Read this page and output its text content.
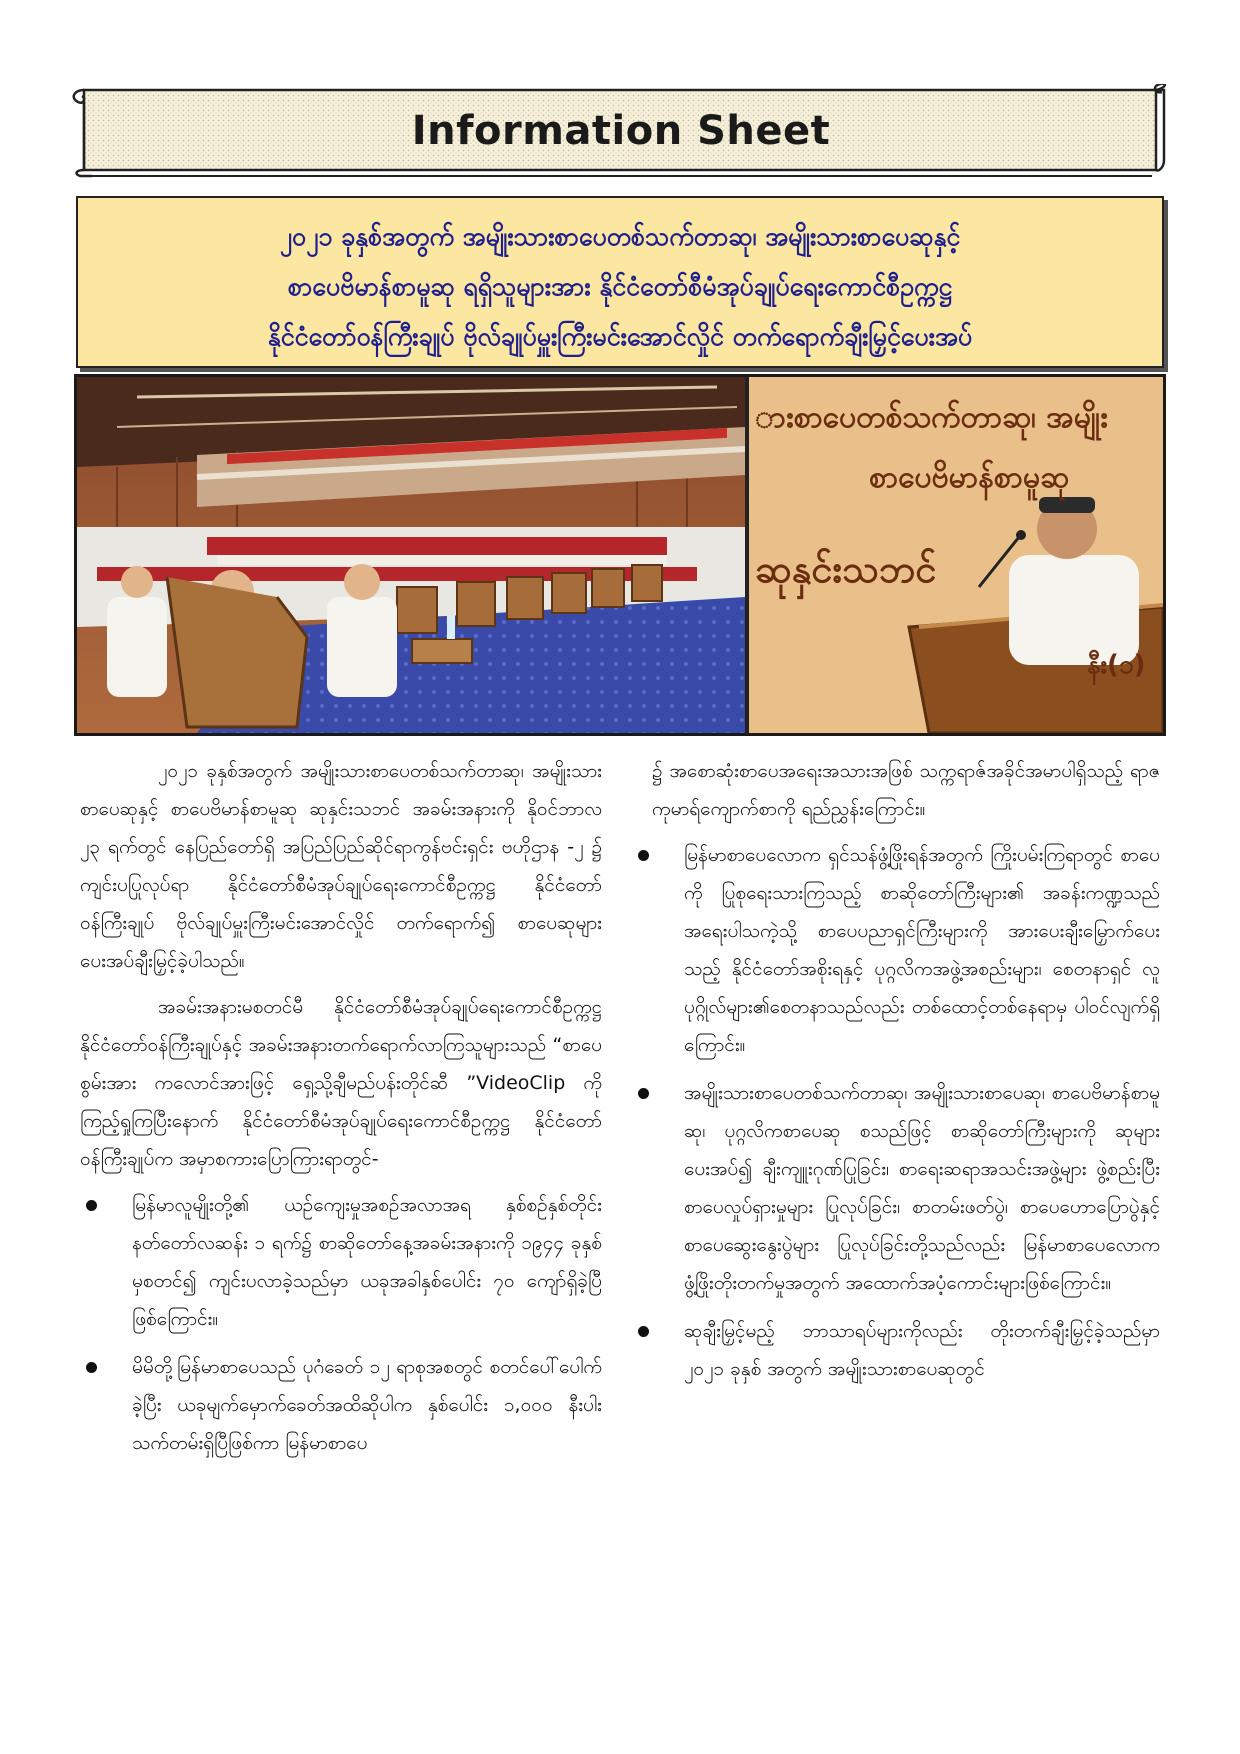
Information Sheet
၂၀၂၁ ခုနှစ်အတွက် အမျိုးသားစာပေတစ်သက်တာဆု၊ အမျိုးသားစာပေဆုနှင့်
စာပေဗိမာန်စာမူဆု ရရှိသူများအား နိုင်ငံတော်စီမံအုပ်ချုပ်ရေးကောင်စီဥက္ကဋ္ဌ
နိုင်ငံတော်ဝန်ကြီးချုပ် ဗိုလ်ချုပ်မှူးကြီးမင်းအောင်လှိုင် တက်ရောက်ချီးမြှင့်ပေးအပ်
ားစာပေတစ်သက်တာဆု၊ အမျိုး
စာပေဗိမာန်စာမူဆု
ဆုနှင်းသဘင်
နီး(၁)

၂၀၂၁ ခုနှစ်အတွက် အမျိုးသားစာပေတစ်သက်တာဆု၊ အမျိုးသားစာပေဆုနှင့် စာပေဗိမာန်စာမူဆု ဆုနှင်းသဘင် အခမ်းအနားကို နိုဝင်ဘာလ ၂၃ ရက်တွင် နေပြည်တော်ရှိ အပြည်ပြည်ဆိုင်ရာကွန်ဗင်းရှင်း ဗဟိုဌာန -၂ ၌ ကျင်းပပြုလုပ်ရာ နိုင်ငံတော်စီမံအုပ်ချုပ်ရေးကောင်စီဥက္ကဋ္ဌ နိုင်ငံတော်ဝန်ကြီးချုပ် ဗိုလ်ချုပ်မှူးကြီးမင်းအောင်လှိုင် တက်ရောက်၍ စာပေဆုများပေးအပ်ချီးမြှင့်ခဲ့ပါသည်။

အခမ်းအနားမစတင်မီ နိုင်ငံတော်စီမံအုပ်ချုပ်ရေးကောင်စီဥက္ကဋ္ဌ နိုင်ငံတော်ဝန်ကြီးချုပ်နှင့် အခမ်းအနားတက်ရောက်လာကြသူများသည် “စာပေစွမ်းအား ကလောင်အားဖြင့် ရှေ့သို့ချီမည်ပန်းတိုင်ဆီ ”VideoClip ကို ကြည့်ရှုကြပြီးနောက် နိုင်ငံတော်စီမံအုပ်ချုပ်ရေးကောင်စီဥက္ကဋ္ဌ နိုင်ငံတော်ဝန်ကြီးချုပ်က အမှာစကားပြောကြားရာတွင်-

မြန်မာလူမျိုးတို့၏ ယဉ်ကျေးမှုအစဉ်အလာအရ နှစ်စဉ်နှစ်တိုင်း နတ်တော်လဆန်း ၁ ရက်၌ စာဆိုတော်နေ့အခမ်းအနားကို ၁၉၄၄ ခုနှစ်မှစတင်၍ ကျင်းပလာခဲ့သည်မှာ ယခုအခါနှစ်ပေါင်း ၇၀ ကျော်ရှိခဲ့ပြီဖြစ်ကြောင်း။
မိမိတို့မြန်မာစာပေသည် ပုဂံခေတ် ၁၂ ရာစုအစတွင် စတင်ပေါ်ပေါက်ခဲ့ပြီး ယခုမျက်မှောက်ခေတ်အထိဆိုပါက နှစ်ပေါင်း ၁,၀၀၀ နီးပါး သက်တမ်းရှိပြီဖြစ်ကာ မြန်မာစာပေ

၌ အစောဆုံးစာပေအရေးအသားအဖြစ် သက္ကရာဇ်အခိုင်အမာပါရှိသည့် ရာဇကုမာရ်ကျောက်စာကို ရည်ညွှန်းကြောင်း။

မြန်မာစာပေလောက ရှင်သန်ဖွံ့ဖြိုးရန်အတွက် ကြိုးပမ်းကြရာတွင် စာပေကို ပြုစုရေးသားကြသည့် စာဆိုတော်ကြီးများ၏ အခန်းကဏ္ဍသည် အရေးပါသကဲ့သို့ စာပေပညာရှင်ကြီးများကို အားပေးချီးမြှောက်ပေးသည့် နိုင်ငံတော်အစိုးရနှင့် ပုဂ္ဂလိကအဖွဲ့အစည်းများ၊ စေတနာရှင် လူပုဂ္ဂိုလ်များ၏စေတနာသည်လည်း တစ်ထောင့်တစ်နေရာမှ ပါဝင်လျက်ရှိကြောင်း။
အမျိုးသားစာပေတစ်သက်တာဆု၊ အမျိုးသားစာပေဆု၊ စာပေဗိမာန်စာမူဆု၊ ပုဂ္ဂလိကစာပေဆု စသည်ဖြင့် စာဆိုတော်ကြီးများကို ဆုများပေးအပ်၍ ချီးကျူးဂုဏ်ပြုခြင်း၊ စာရေးဆရာအသင်းအဖွဲ့များ ဖွဲ့စည်းပြီး စာပေလှုပ်ရှားမှုများ ပြုလုပ်ခြင်း၊ စာတမ်းဖတ်ပွဲ၊ စာပေဟောပြောပွဲနှင့် စာပေဆွေးနွေးပွဲများ ပြုလုပ်ခြင်းတို့သည်လည်း မြန်မာစာပေလောကဖွံ့ဖြိုးတိုးတက်မှုအတွက် အထောက်အပံ့ကောင်းများဖြစ်ကြောင်း။
ဆုချီးမြှင့်မည့် ဘာသာရပ်များကိုလည်း တိုးတက်ချီးမြှင့်ခဲ့သည်မှာ ၂၀၂၁ ခုနှစ် အတွက် အမျိုးသားစာပေဆုတွင်
